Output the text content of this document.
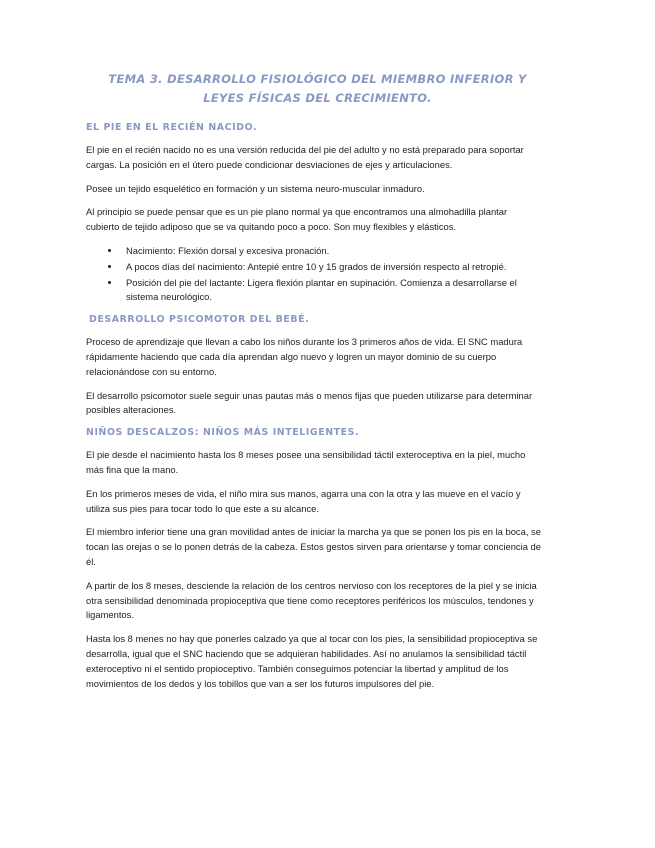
TEMA 3. DESARROLLO FISIOLÓGICO DEL MIEMBRO INFERIOR Y LEYES FÍSICAS DEL CRECIMIENTO.
EL PIE EN EL RECIÉN NACIDO.

El pie en el recién nacido no es una versión reducida del pie del adulto y no está preparado para soportar cargas. La posición en el útero puede condicionar desviaciones de ejes y articulaciones.

Posee un tejido esquelético en formación y un sistema neuro-muscular inmaduro.

Al principio se puede pensar que es un pie plano normal ya que encontramos una almohadilla plantar cubierto de tejido adiposo que se va quitando poco a poco. Son muy flexibles y elásticos.

• Nacimiento: Flexión dorsal y excesiva pronación.
• A pocos días del nacimiento: Antepié entre 10 y 15 grados de inversión respecto al retropié.
• Posición del pie del lactante: Ligera flexión plantar en supinación. Comienza a desarrollarse el sistema neurológico.
DESARROLLO PSICOMOTOR DEL BEBÉ.

Proceso de aprendizaje que llevan a cabo los niños durante los 3 primeros años de vida. El SNC madura rápidamente haciendo que cada día aprendan algo nuevo y logren un mayor dominio de su cuerpo relacionándose con su entorno.

El desarrollo psicomotor suele seguir unas pautas más o menos fijas que pueden utilizarse para determinar posibles alteraciones.

NIÑOS DESCALZOS: NIÑOS MÁS INTELIGENTES.

El pie desde el nacimiento hasta los 8 meses posee una sensibilidad táctil exteroceptiva en la piel, mucho más fina que la mano.

En los primeros meses de vida, el niño mira sus manos, agarra una con la otra y las mueve en el vacío y utiliza sus pies para tocar todo lo que este a su alcance.

El miembro inferior tiene una gran movilidad antes de iniciar la marcha ya que se ponen los pis en la boca, se tocan las orejas o se lo ponen detrás de la cabeza. Estos gestos sirven para orientarse y tomar conciencia de él.

A partir de los 8 meses, desciende la relación de los centros nervioso con los receptores de la piel y se inicia otra sensibilidad denominada propioceptiva que tiene como receptores periféricos los músculos, tendones y ligamentos.

Hasta los 8 menes no hay que ponerles calzado ya que al tocar con los pies, la sensibilidad propioceptiva se desarrolla, igual que el SNC haciendo que se adquieran habilidades. Así no anulamos la sensibilidad táctil exteroceptivo ni el sentido propioceptivo. También conseguimos potenciar la libertad y amplitud de los movimientos de los dedos y los tobillos que van a ser los futuros impulsores del pie.
